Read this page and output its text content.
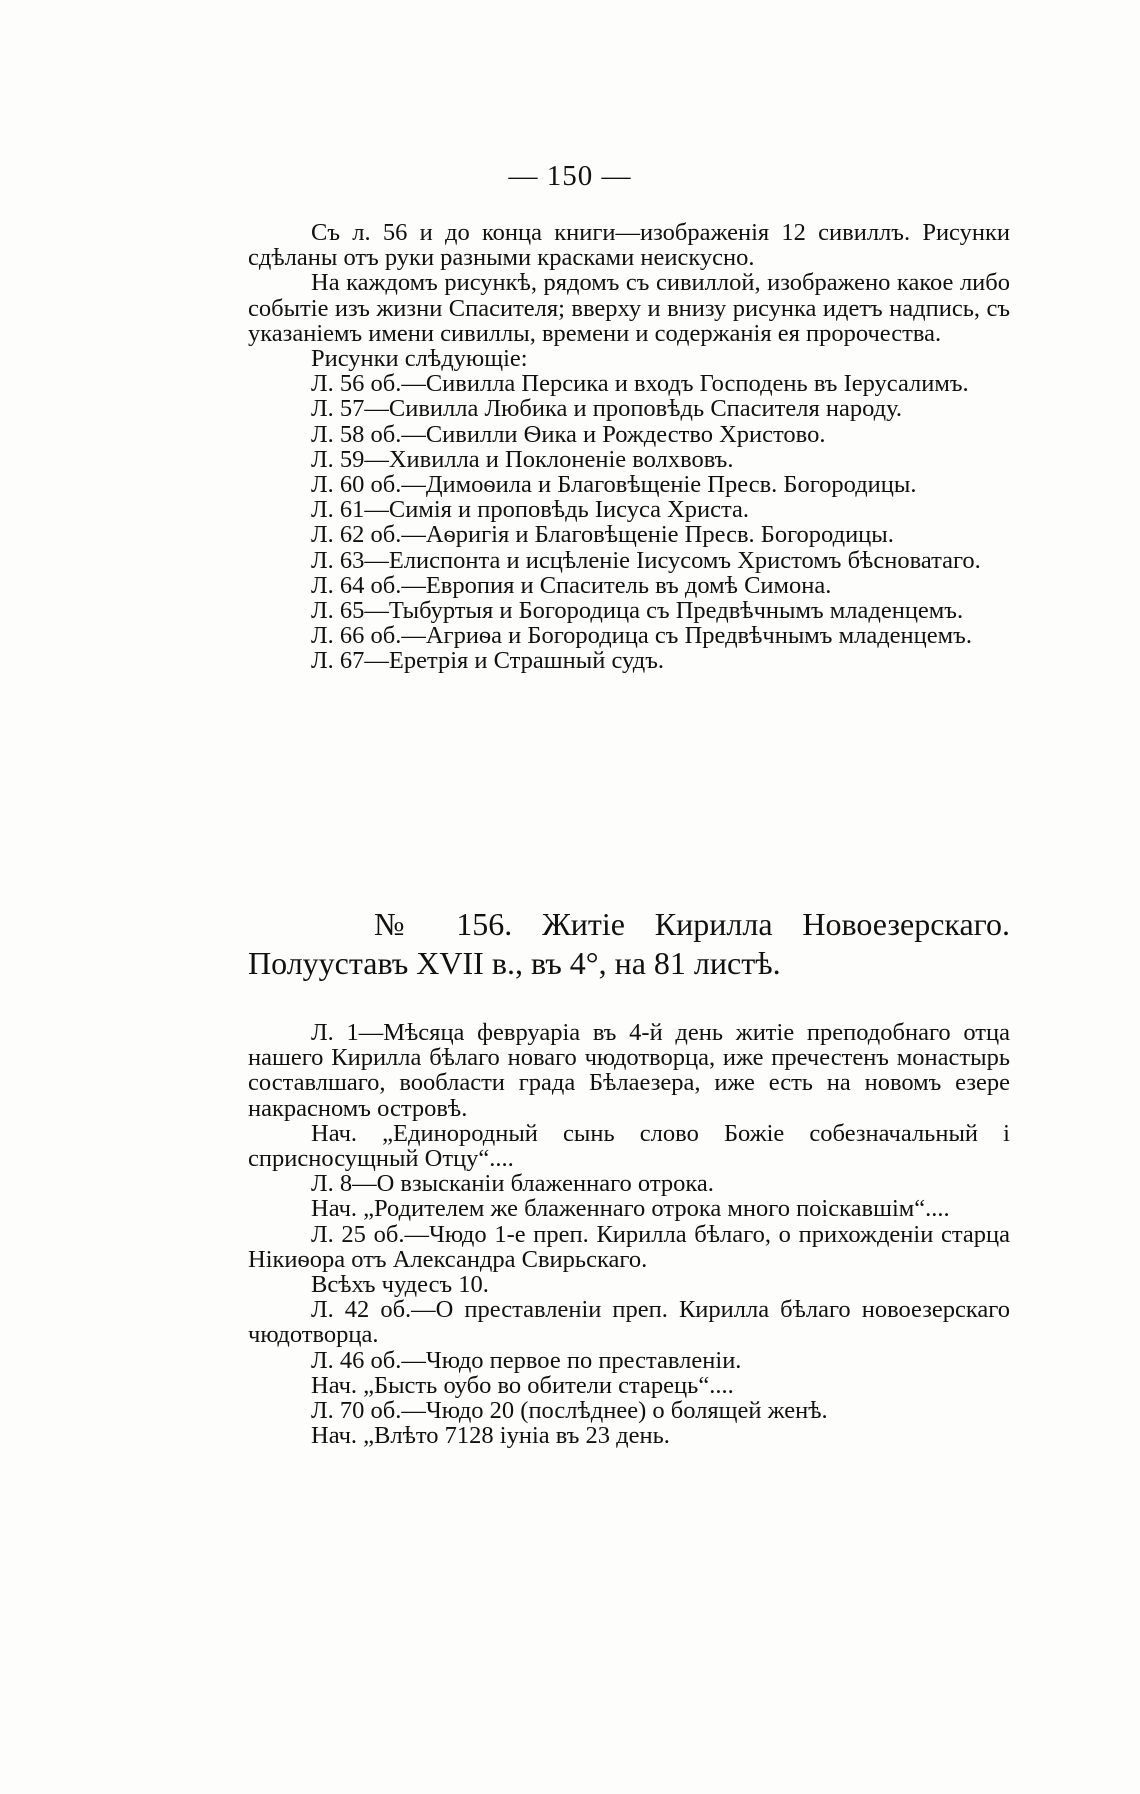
— 150 —

Съ л. 56 и до конца книги—изображенія 12 сивиллъ. Рисунки сдѣланы отъ руки разными красками неискусно.

На каждомъ рисункѣ, рядомъ съ сивиллой, изображено какое либо событіе изъ жизни Спасителя; вверху и внизу рисунка идетъ надпись, съ указаніемъ имени сивиллы, времени и содержанія ея пророчества.

Рисунки слѣдующіе:

Л. 56 об.—Сивилла Персика и входъ Господень въ Іерусалимъ.

Л. 57—Сивилла Любика и проповѣдь Спасителя народу.

Л. 58 об.—Сивилли Ѳика и Рождество Христово.

Л. 59—Хивилла и Поклоненіе волхвовъ.

Л. 60 об.—Димоѳила и Благовѣщеніе Пресв. Богородицы.

Л. 61—Симія и проповѣдь Іисуса Христа.

Л. 62 об.—Аѳригія и Благовѣщеніе Пресв. Богородицы.

Л. 63—Елиспонта и исцѣленіе Іисусомъ Христомъ бѣсноватаго.

Л. 64 об.—Европия и Спаситель въ домѣ Симона.

Л. 65—Тыбуртыя и Богородица съ Предвѣчнымъ младенцемъ.

Л. 66 об.—Агриѳа и Богородица съ Предвѣчнымъ младенцемъ.

Л. 67—Еретрія и Страшный судъ.

№ 156. Житіе Кирилла Новоезерскаго. Полууставъ XVII в., въ 4°, на 81 листѣ.

Л. 1—Мѣсяца февруаріа въ 4-й день житіе преподобнаго отца нашего Кирилла бѣлаго новаго чюдотворца, иже пречестенъ монастырь составлшаго, вообласти града Бѣлаезера, иже есть на новомъ езере накрасномъ островѣ.

Нач. „Единородный сынь слово Божіе собезначальный і сприсносущный Отцу“....

Л. 8—О взысканіи блаженнаго отрока.

Нач. „Родителем же блаженнаго отрока много поіскавшім“....

Л. 25 об.—Чюдо 1-е преп. Кирилла бѣлаго, о прихожденіи старца Нікиѳора отъ Александра Свирьскаго.

Всѣхъ чудесъ 10.

Л. 42 об.—О преставленіи преп. Кирилла бѣлаго новоезерскаго чюдотворца.

Л. 46 об.—Чюдо первое по преставленіи.

Нач. „Бысть оубо во обители старець“....

Л. 70 об.—Чюдо 20 (послѣднее) о болящей женѣ.

Нач. „Влѣто 7128 іуніа въ 23 день.
